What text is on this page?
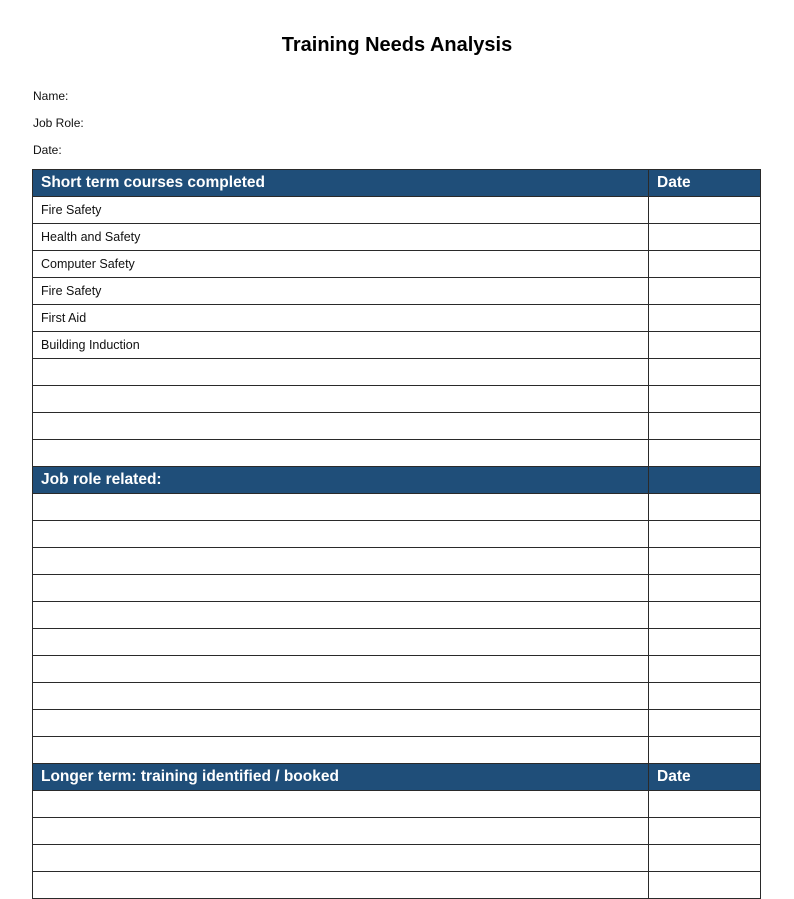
Training Needs Analysis
Name:
Job Role:
Date:
Short term courses completed	Date
Fire Safety	
Health and Safety	
Computer Safety	
Fire Safety	
First Aid	
Building Induction	

Job role related:	

Longer term: training identified / booked	Date
